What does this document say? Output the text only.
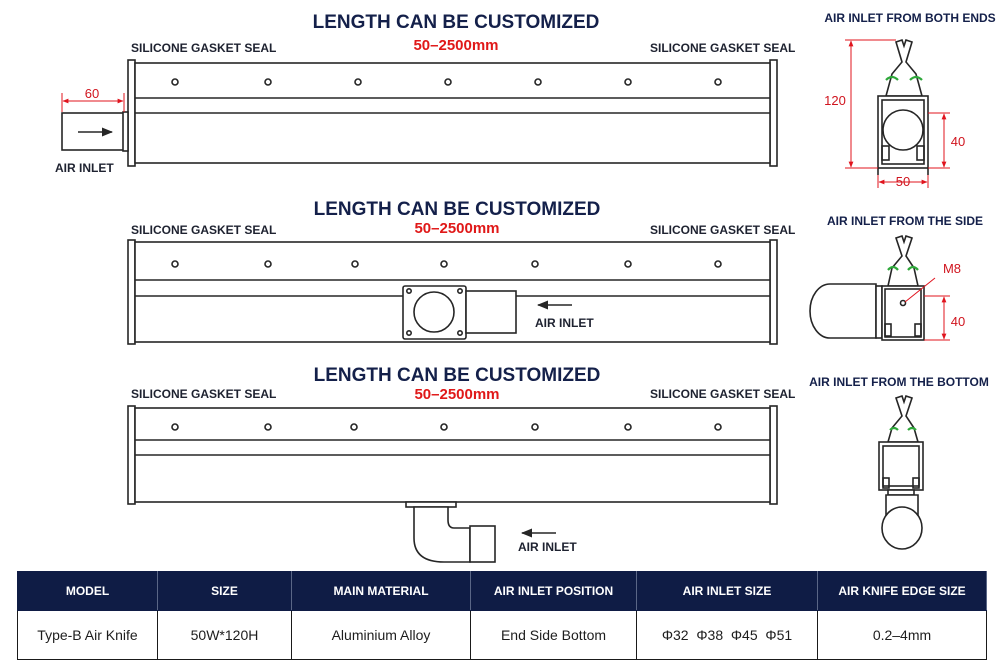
LENGTH CAN BE CUSTOMIZED
50–2500mm
SILICONE GASKET SEAL	SILICONE GASKET SEAL
AIR INLET
60
LENGTH CAN BE CUSTOMIZED
50–2500mm
SILICONE GASKET SEAL	SILICONE GASKET SEAL
AIR INLET
LENGTH CAN BE CUSTOMIZED
50–2500mm
SILICONE GASKET SEAL	SILICONE GASKET SEAL
AIR INLET
AIR INLET FROM BOTH ENDS
120
40
50
AIR INLET FROM THE SIDE
M8
40
AIR INLET FROM THE BOTTOM
MODEL	SIZE	MAIN MATERIAL	AIR INLET POSITION	AIR INLET SIZE	AIR KNIFE EDGE SIZE
Type-B Air Knife	50W*120H	Aluminium Alloy	End Side Bottom	Φ32  Φ38  Φ45  Φ51	0.2–4mm
